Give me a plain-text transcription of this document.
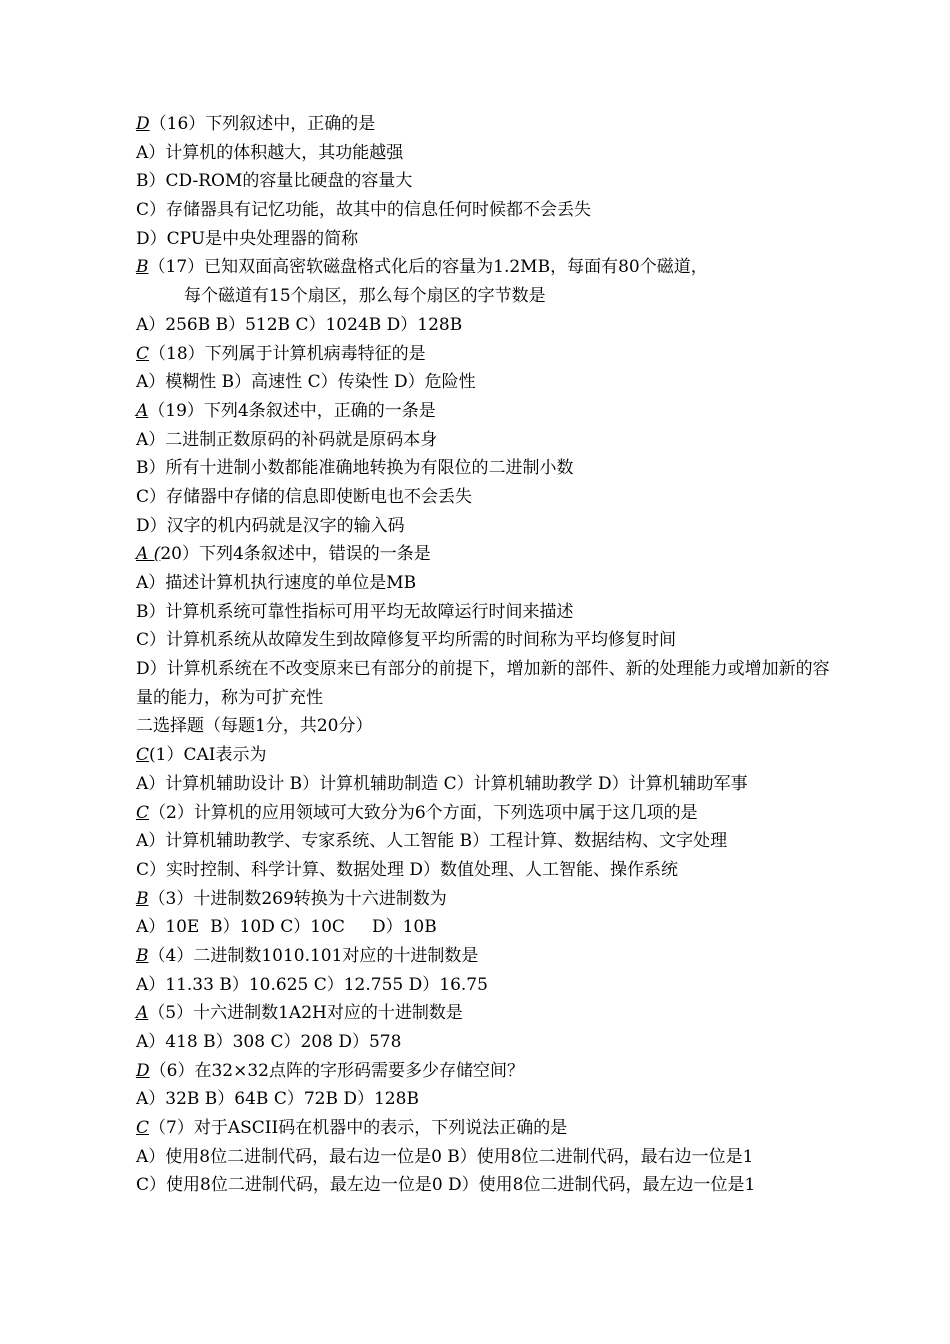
D（16）下列叙述中，正确的是
A）计算机的体积越大，其功能越强
B）CD-ROM的容量比硬盘的容量大
C）存储器具有记忆功能，故其中的信息任何时候都不会丢失
D）CPU是中央处理器的简称
B（17）已知双面高密软磁盘格式化后的容量为1.2MB，每面有80个磁道，
每个磁道有15个扇区，那么每个扇区的字节数是
A）256B B）512B C）1024B D）128B
C（18）下列属于计算机病毒特征的是
A）模糊性 B）高速性 C）传染性 D）危险性
A（19）下列4条叙述中，正确的一条是
A）二进制正数原码的补码就是原码本身
B）所有十进制小数都能准确地转换为有限位的二进制小数
C）存储器中存储的信息即使断电也不会丢失
D）汉字的机内码就是汉字的输入码
A (20）下列4条叙述中，错误的一条是
A）描述计算机执行速度的单位是MB
B）计算机系统可靠性指标可用平均无故障运行时间来描述
C）计算机系统从故障发生到故障修复平均所需的时间称为平均修复时间
D）计算机系统在不改变原来已有部分的前提下，增加新的部件、新的处理能力或增加新的容量的能力，称为可扩充性
二选择题（每题1分，共20分）
C(1）CAI表示为
A）计算机辅助设计 B）计算机辅助制造 C）计算机辅助教学 D）计算机辅助军事
C（2）计算机的应用领域可大致分为6个方面，下列选项中属于这几项的是
A）计算机辅助教学、专家系统、人工智能 B）工程计算、数据结构、文字处理
C）实时控制、科学计算、数据处理 D）数值处理、人工智能、操作系统
B（3）十进制数269转换为十六进制数为
A）10E  B）10D C）10C     D）10B
B（4）二进制数1010.101对应的十进制数是
A）11.33 B）10.625 C）12.755 D）16.75
A（5）十六进制数1A2H对应的十进制数是
A）418 B）308 C）208 D）578
D（6）在32×32点阵的字形码需要多少存储空间？
A）32B B）64B C）72B D）128B
C（7）对于ASCII码在机器中的表示，下列说法正确的是
A）使用8位二进制代码，最右边一位是0 B）使用8位二进制代码，最右边一位是1
C）使用8位二进制代码，最左边一位是0 D）使用8位二进制代码，最左边一位是1
